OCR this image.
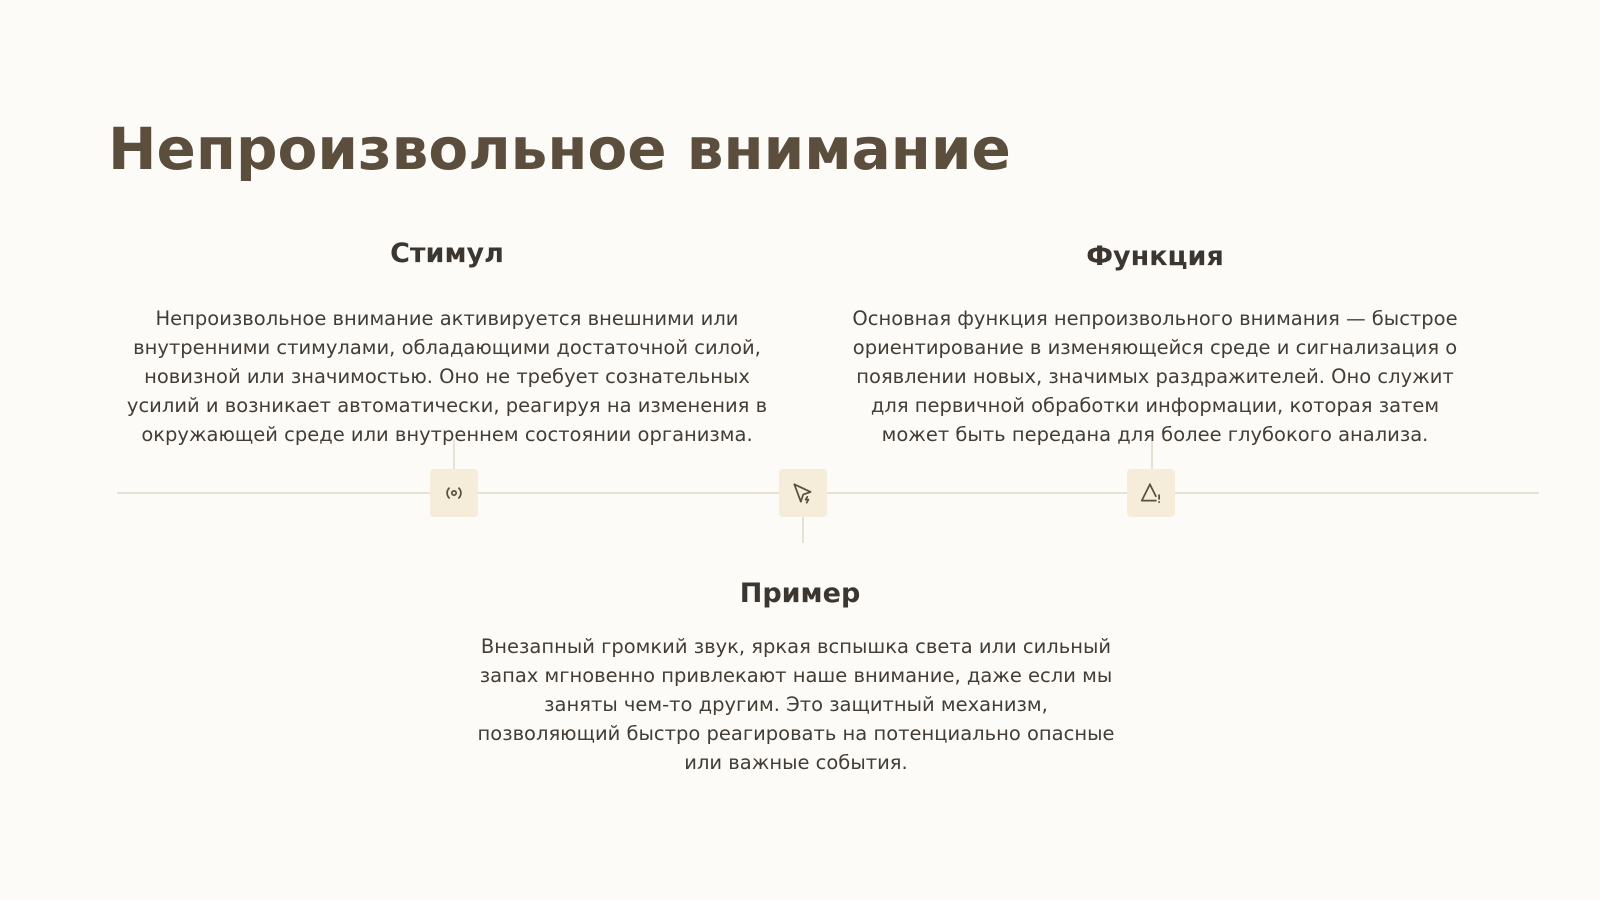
Непроизвольное внимание
Стимул

Непроизвольное внимание активируется внешними или внутренними стимулами, обладающими достаточной силой, новизной или значимостью. Оно не требует сознательных усилий и возникает автоматически, реагируя на изменения в окружающей среде или внутреннем состоянии организма.

Функция

Основная функция непроизвольного внимания — быстрое ориентирование в изменяющейся среде и сигнализация о появлении новых, значимых раздражителей. Оно служит для первичной обработки информации, которая затем может быть передана для более глубокого анализа.

Пример

Внезапный громкий звук, яркая вспышка света или сильный запах мгновенно привлекают наше внимание, даже если мы заняты чем-то другим. Это защитный механизм, позволяющий быстро реагировать на потенциально опасные или важные события.
